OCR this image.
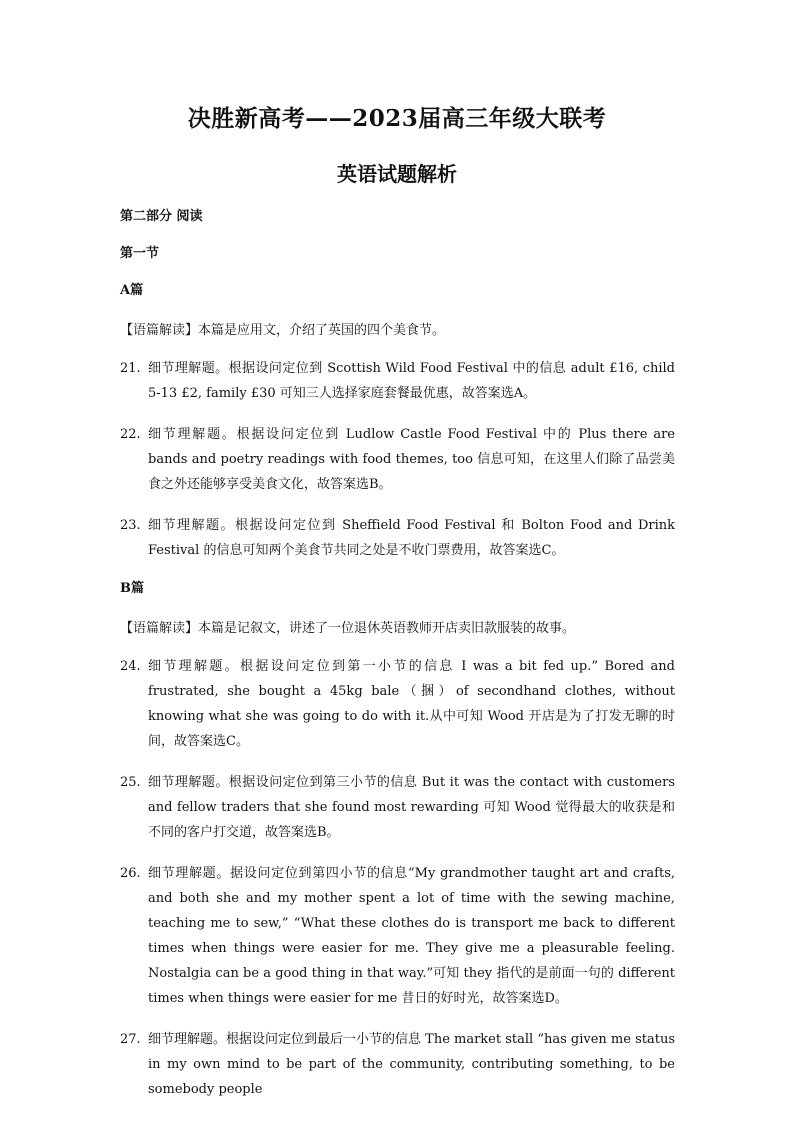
决胜新高考——2023届高三年级大联考
英语试题解析

第二部分 阅读

第一节

A篇

【语篇解读】本篇是应用文，介绍了英国的四个美食节。

21. 细节理解题。根据设问定位到 Scottish Wild Food Festival 中的信息 adult £16, child 5-13 £2, family £30 可知三人选择家庭套餐最优惠，故答案选A。
22. 细节理解题。根据设问定位到 Ludlow Castle Food Festival 中的 Plus there are bands and poetry readings with food themes, too 信息可知，在这里人们除了品尝美食之外还能够享受美食文化，故答案选B。
23. 细节理解题。根据设问定位到 Sheffield Food Festival 和 Bolton Food and Drink Festival 的信息可知两个美食节共同之处是不收门票费用，故答案选C。

B篇

【语篇解读】本篇是记叙文，讲述了一位退休英语教师开店卖旧款服装的故事。

24. 细节理解题。根据设问定位到第一小节的信息 I was a bit fed up.” Bored and frustrated, she bought a 45kg bale（捆）of secondhand clothes, without knowing what she was going to do with it.从中可知 Wood 开店是为了打发无聊的时间，故答案选C。
25. 细节理解题。根据设问定位到第三小节的信息 But it was the contact with customers and fellow traders that she found most rewarding 可知 Wood 觉得最大的收获是和不同的客户打交道，故答案选B。
26. 细节理解题。据设问定位到第四小节的信息“My grandmother taught art and crafts, and both she and my mother spent a lot of time with the sewing machine, teaching me to sew,” “What these clothes do is transport me back to different times when things were easier for me. They give me a pleasurable feeling. Nostalgia can be a good thing in that way.”可知 they 指代的是前面一句的 different times when things were easier for me 昔日的好时光，故答案选D。
27. 细节理解题。根据设问定位到最后一小节的信息 The market stall “has given me status in my own mind to be part of the community, contributing something, to be somebody people
